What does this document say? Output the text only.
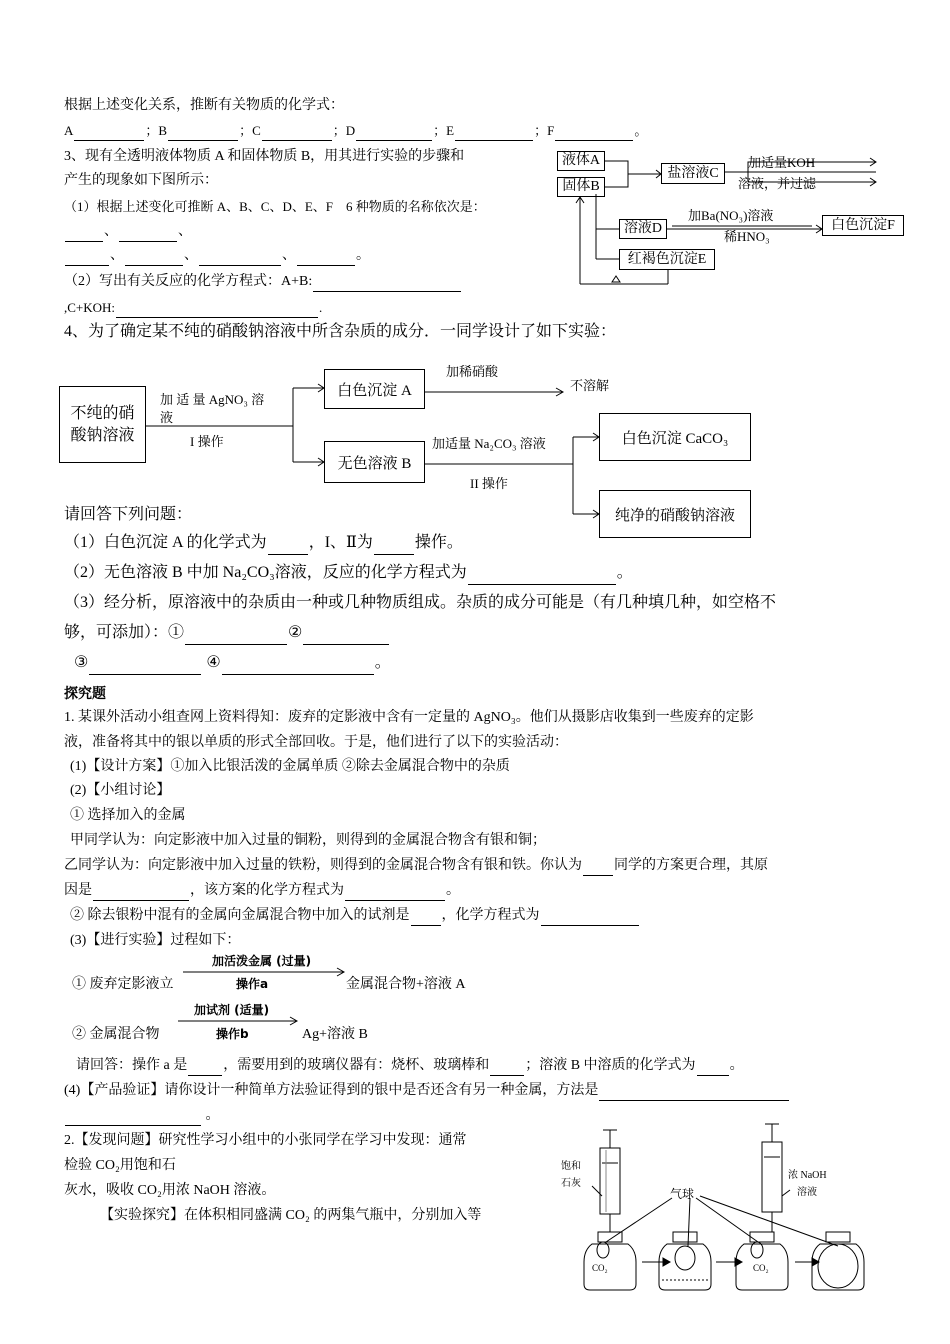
根据上述变化关系，推断有关物质的化学式：
A	；B	；C	；D	；E	；F	。
3、现有全透明液体物质 A 和固体物质 B，用其进行实验的步骤和
产生的现象如下图所示：
（1）根据上述变化可推断 A、B、C、D、E、F　6 种物质的名称依次是：
、	、
、	、	、	。
（2）写出有关反应的化学方程式：A+B:
,C+KOH:	.
液体A
固体B
盐溶液C
加适量KOH
溶液，并过滤
溶液D
加Ba(NO₃)溶液
稀HNO₃
白色沉淀F
红褐色沉淀E
4、为了确定某不纯的硝酸钠溶液中所含杂质的成分．一同学设计了如下实验：
不纯的硝
酸钠溶液
加 适 量 AgNO₃ 溶
液
I 操作
白色沉淀 A
加稀硝酸
不溶解
无色溶液 B
加适量 Na₂CO₃ 溶液
II 操作
白色沉淀 CaCO₃
纯净的硝酸钠溶液
请回答下列问题：
（1）白色沉淀 A 的化学式为	，I、Ⅱ为	操作。
（2）无色溶液 B 中加 Na₂CO₃溶液，反应的化学方程式为	。
（3）经分析，原溶液中的杂质由一种或几种物质组成。杂质的成分可能是（有几种填几种，如空格不
够，可添加）：①	②
③	④	。
探究题
1. 某课外活动小组查网上资料得知：废弃的定影液中含有一定量的 AgNO₃。他们从摄影店收集到一些废弃的定影
液，准备将其中的银以单质的形式全部回收。于是，他们进行了以下的实验活动：
(1)【设计方案】①加入比银活泼的金属单质 ②除去金属混合物中的杂质
(2)【小组讨论】
① 选择加入的金属
甲同学认为：向定影液中加入过量的铜粉，则得到的金属混合物含有银和铜；
乙同学认为：向定影液中加入过量的铁粉，则得到的金属混合物含有银和铁。你认为 同学的方案更合理，其原
因是	，该方案的化学方程式为	。
② 除去银粉中混有的金属向金属混合物中加入的试剂是 ，化学方程式为
(3)【进行实验】过程如下：
① 废弃定影液立
加活泼金属 (过量)
操作a	金属混合物+溶液 A
② 金属混合物
加试剂 (适量)
操作b	Ag+溶液 B
请回答：操作 a 是	，需要用到的玻璃仪器有：烧杯、玻璃棒和	；溶液 B 中溶质的化学式为 。
(4)【产品验证】请你设计一种简单方法验证得到的银中是否还含有另一种金属，方法是
。
2.【发现问题】研究性学习小组中的小张同学在学习中发现：通常
检验 CO₂用饱和石
灰水，吸收 CO₂用浓 NaOH 溶液。
【实验探究】在体积相同盛满 CO₂ 的两集气瓶中，分别加入等
饱和
石灰
气球
浓 NaOH
溶液
CO₂	CO₂
